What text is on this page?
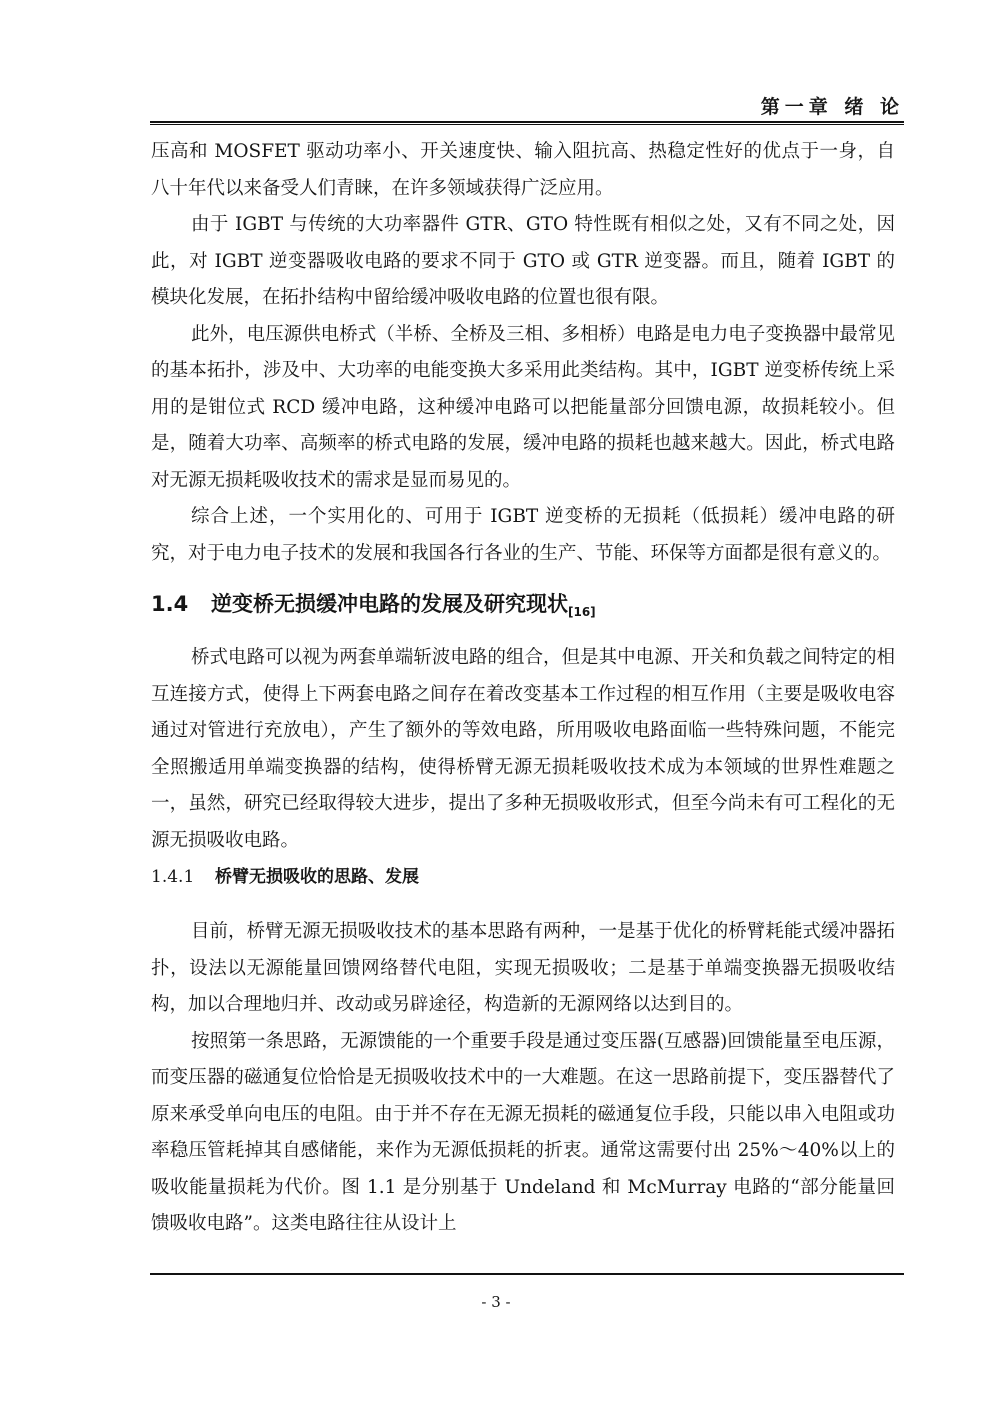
第一章 绪 论

压高和 MOSFET 驱动功率小、开关速度快、输入阻抗高、热稳定性好的优点于一身，自八十年代以来备受人们青睐，在许多领域获得广泛应用。

由于 IGBT 与传统的大功率器件 GTR、GTO 特性既有相似之处，又有不同之处，因此，对 IGBT 逆变器吸收电路的要求不同于 GTO 或 GTR 逆变器。而且，随着 IGBT 的模块化发展，在拓扑结构中留给缓冲吸收电路的位置也很有限。

此外，电压源供电桥式（半桥、全桥及三相、多相桥）电路是电力电子变换器中最常见的基本拓扑，涉及中、大功率的电能变换大多采用此类结构。其中，IGBT 逆变桥传统上采用的是钳位式 RCD 缓冲电路，这种缓冲电路可以把能量部分回馈电源，故损耗较小。但是，随着大功率、高频率的桥式电路的发展，缓冲电路的损耗也越来越大。因此，桥式电路对无源无损耗吸收技术的需求是显而易见的。

综合上述，一个实用化的、可用于 IGBT 逆变桥的无损耗（低损耗）缓冲电路的研究，对于电力电子技术的发展和我国各行各业的生产、节能、环保等方面都是很有意义的。

1.4 逆变桥无损缓冲电路的发展及研究现状$_{[16]}$

桥式电路可以视为两套单端斩波电路的组合，但是其中电源、开关和负载之间特定的相互连接方式，使得上下两套电路之间存在着改变基本工作过程的相互作用（主要是吸收电容通过对管进行充放电），产生了额外的等效电路，所用吸收电路面临一些特殊问题，不能完全照搬适用单端变换器的结构，使得桥臂无源无损耗吸收技术成为本领域的世界性难题之一，虽然，研究已经取得较大进步，提出了多种无损吸收形式，但至今尚未有可工程化的无源无损吸收电路。

1.4.1 桥臂无损吸收的思路、发展

目前，桥臂无源无损吸收技术的基本思路有两种，一是基于优化的桥臂耗能式缓冲器拓扑，设法以无源能量回馈网络替代电阻，实现无损吸收；二是基于单端变换器无损吸收结构，加以合理地归并、改动或另辟途径，构造新的无源网络以达到目的。

按照第一条思路，无源馈能的一个重要手段是通过变压器(互感器)回馈能量至电压源，而变压器的磁通复位恰恰是无损吸收技术中的一大难题。在这一思路前提下，变压器替代了原来承受单向电压的电阻。由于并不存在无源无损耗的磁通复位手段，只能以串入电阻或功率稳压管耗掉其自感储能，来作为无源低损耗的折衷。通常这需要付出 25%～40%以上的吸收能量损耗为代价。图 1.1 是分别基于 Undeland 和 McMurray 电路的“部分能量回馈吸收电路”。这类电路往往从设计上

- 3 -
